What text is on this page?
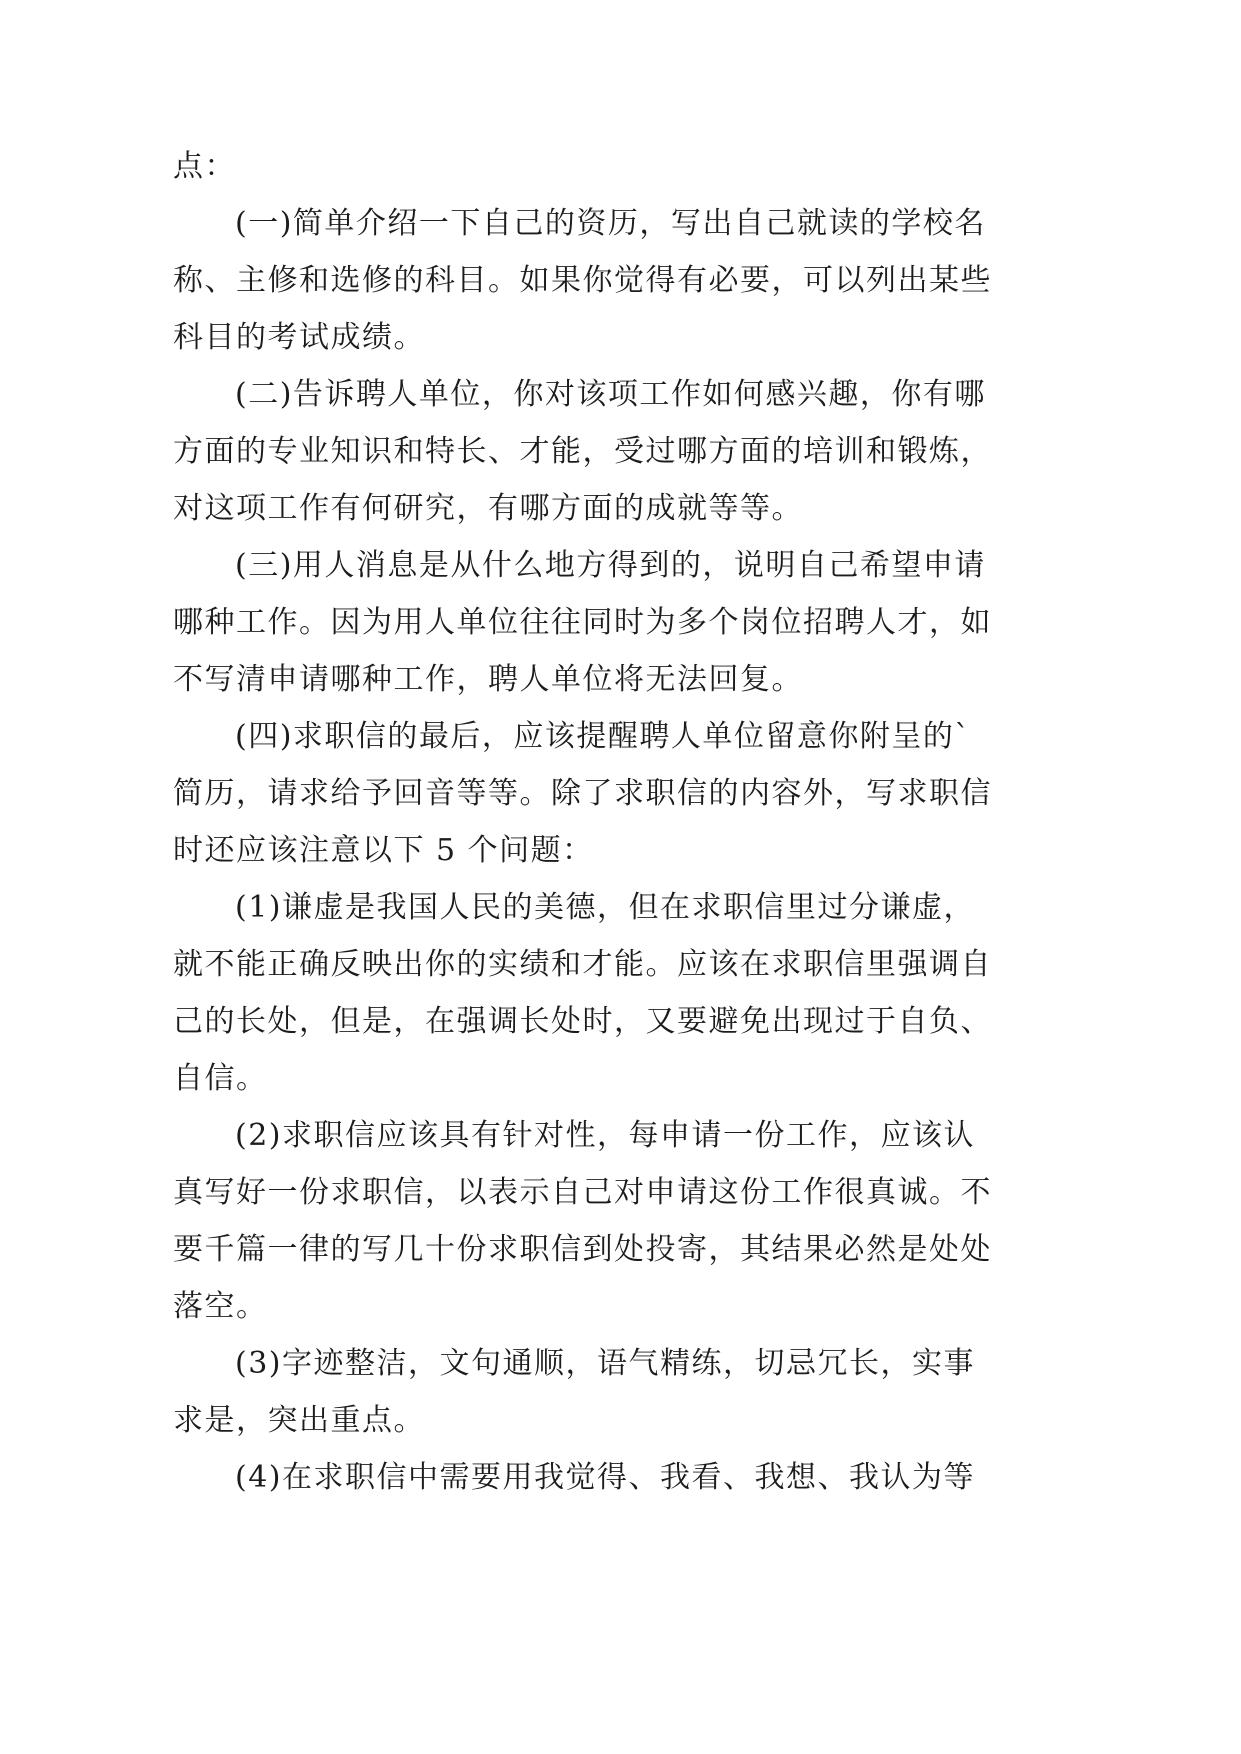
点：
(一)简单介绍一下自己的资历，写出自己就读的学校名
称、主修和选修的科目。如果你觉得有必要，可以列出某些
科目的考试成绩。
(二)告诉聘人单位，你对该项工作如何感兴趣，你有哪
方面的专业知识和特长、才能，受过哪方面的培训和锻炼，
对这项工作有何研究，有哪方面的成就等等。
(三)用人消息是从什么地方得到的，说明自己希望申请
哪种工作。因为用人单位往往同时为多个岗位招聘人才，如
不写清申请哪种工作，聘人单位将无法回复。
(四)求职信的最后，应该提醒聘人单位留意你附呈的`
简历，请求给予回音等等。除了求职信的内容外，写求职信
时还应该注意以下 5 个问题：
(1)谦虚是我国人民的美德，但在求职信里过分谦虚，
就不能正确反映出你的实绩和才能。应该在求职信里强调自
己的长处，但是，在强调长处时，又要避免出现过于自负、
自信。
(2)求职信应该具有针对性，每申请一份工作，应该认
真写好一份求职信，以表示自己对申请这份工作很真诚。不
要千篇一律的写几十份求职信到处投寄，其结果必然是处处
落空。
(3)字迹整洁，文句通顺，语气精练，切忌冗长，实事
求是，突出重点。
(4)在求职信中需要用我觉得、我看、我想、我认为等
